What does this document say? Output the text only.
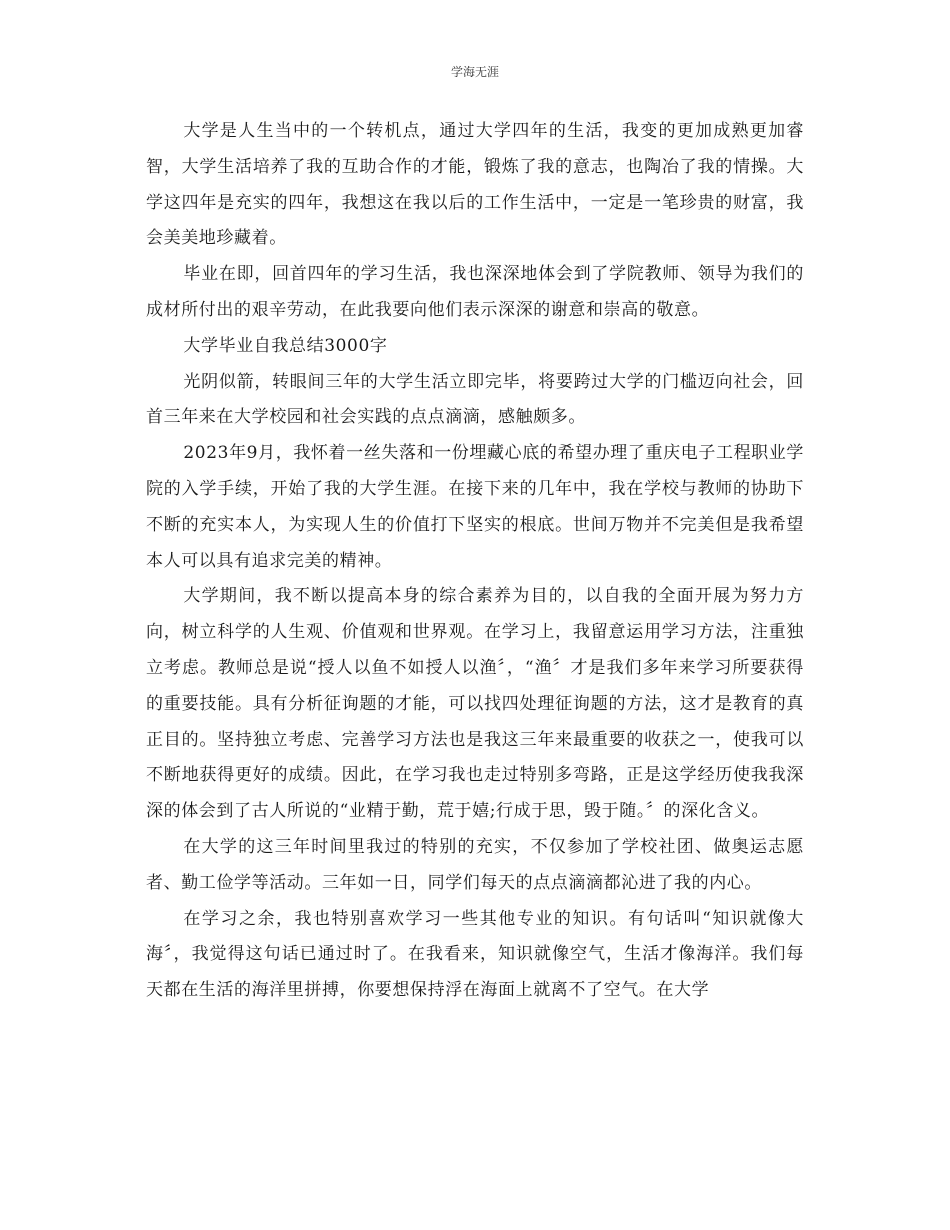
学海无涯

大学是人生当中的一个转机点，通过大学四年的生活，我变的更加成熟更加睿智，大学生活培养了我的互助合作的才能，锻炼了我的意志，也陶冶了我的情操。大学这四年是充实的四年，我想这在我以后的工作生活中，一定是一笔珍贵的财富，我会美美地珍藏着。

毕业在即，回首四年的学习生活，我也深深地体会到了学院教师、领导为我们的成材所付出的艰辛劳动，在此我要向他们表示深深的谢意和崇高的敬意。

大学毕业自我总结3000字

光阴似箭，转眼间三年的大学生活立即完毕，将要跨过大学的门槛迈向社会，回首三年来在大学校园和社会实践的点点滴滴，感触颇多。

2023年9月，我怀着一丝失落和一份埋藏心底的希望办理了重庆电子工程职业学院的入学手续，开始了我的大学生涯。在接下来的几年中，我在学校与教师的协助下不断的充实本人，为实现人生的价值打下坚实的根底。世间万物并不完美但是我希望本人可以具有追求完美的精神。

大学期间，我不断以提高本身的综合素养为目的，以自我的全面开展为努力方向，树立科学的人生观、价值观和世界观。在学习上，我留意运用学习方法，注重独立考虑。教师总是说“授人以鱼不如授人以渔〞，“渔〞才是我们多年来学习所要获得的重要技能。具有分析征询题的才能，可以找四处理征询题的方法，这才是教育的真正目的。坚持独立考虑、完善学习方法也是我这三年来最重要的收获之一，使我可以不断地获得更好的成绩。因此，在学习我也走过特别多弯路，正是这学经历使我我深深的体会到了古人所说的“业精于勤，荒于嬉;行成于思，毁于随。〞的深化含义。

在大学的这三年时间里我过的特别的充实，不仅参加了学校社团、做奥运志愿者、勤工俭学等活动。三年如一日，同学们每天的点点滴滴都沁进了我的内心。

在学习之余，我也特别喜欢学习一些其他专业的知识。有句话叫“知识就像大海〞，我觉得这句话已通过时了。在我看来，知识就像空气，生活才像海洋。我们每天都在生活的海洋里拼搏，你要想保持浮在海面上就离不了空气。在大学
